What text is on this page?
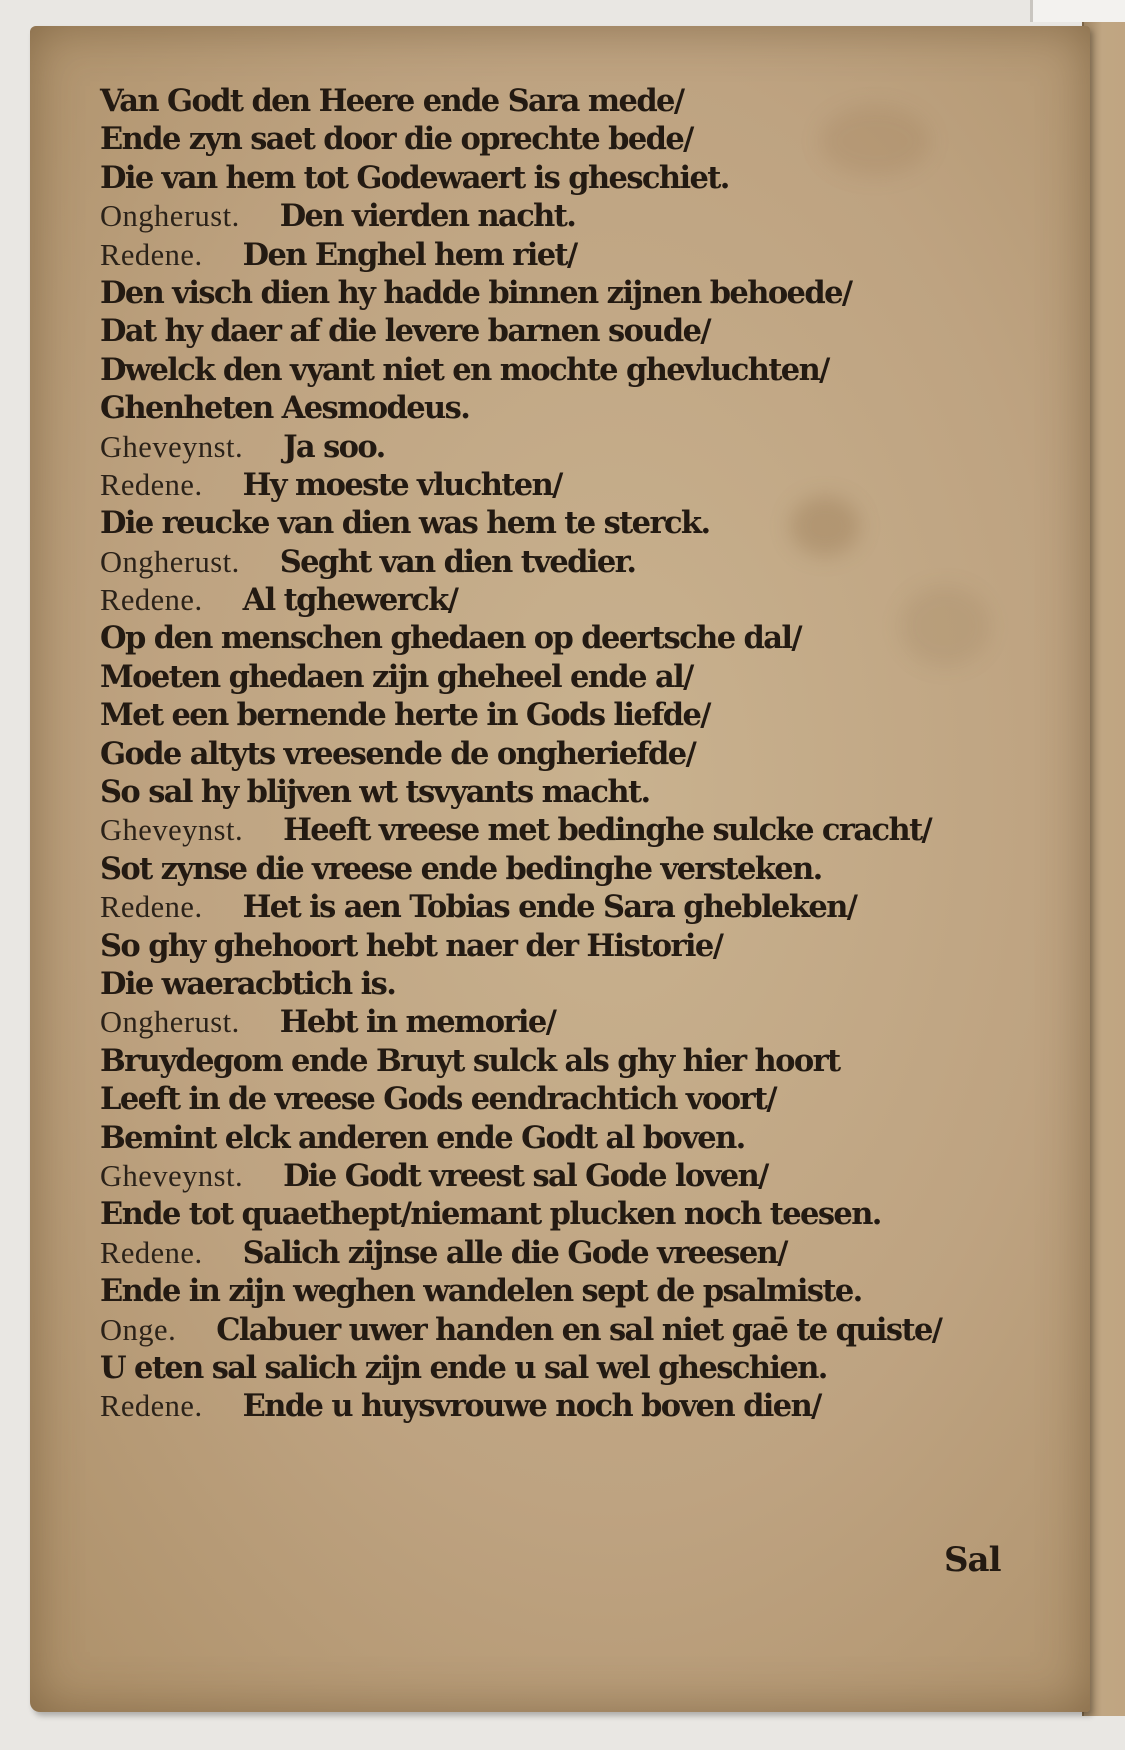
Van Godt den Heere ende Sara mede/
Ende zyn saet door die oprechte bede/
Die van hem tot Godewaert is gheschiet.
Ongherust. Den vierden nacht.
Redene. Den Enghel hem riet/
Den visch dien hy hadde binnen zijnen behoede/
Dat hy daer af die levere barnen soude/
Dwelck den vyant niet en mochte ghevluchten/
Ghenheten Aesmodeus.
Gheveynst. Ja soo.
Redene. Hy moeste vluchten/
Die reucke van dien was hem te sterck.
Ongherust. Seght van dien tvedier.
Redene. Al tghewerck/
Op den menschen ghedaen op deertsche dal/
Moeten ghedaen zijn gheheel ende al/
Met een bernende herte in Gods liefde/
Gode altyts vreesende de ongheriefde/
So sal hy blijven wt tsvyants macht.
Gheveynst. Heeft vreese met bedinghe sulcke cracht/
Sot zynse die vreese ende bedinghe versteken.
Redene. Het is aen Tobias ende Sara ghebleken/
So ghy ghehoort hebt naer der Historie/
Die waeracbtich is.
Ongherust. Hebt in memorie/
Bruydegom ende Bruyt sulck als ghy hier hoort
Leeft in de vreese Gods eendrachtich voort/
Bemint elck anderen ende Godt al boven.
Gheveynst. Die Godt vreest sal Gode loven/
Ende tot quaethept/niemant plucken noch teesen.
Redene. Salich zijnse alle die Gode vreesen/
Ende in zijn weghen wandelen sept de psalmiste.
Onge. Clabuer uwer handen en sal niet gaē te quiste/
U eten sal salich zijn ende u sal wel gheschien.
Redene. Ende u huysvrouwe noch boven dien/
Sal
